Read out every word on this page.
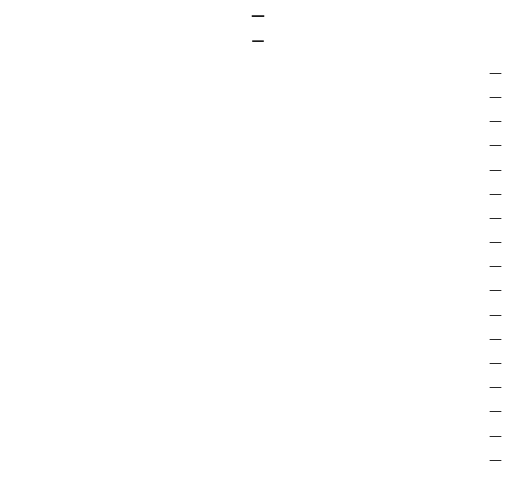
—
—
—
—
—
—
—
—
—
—
—
—
—
—
—
—
—
—
—
